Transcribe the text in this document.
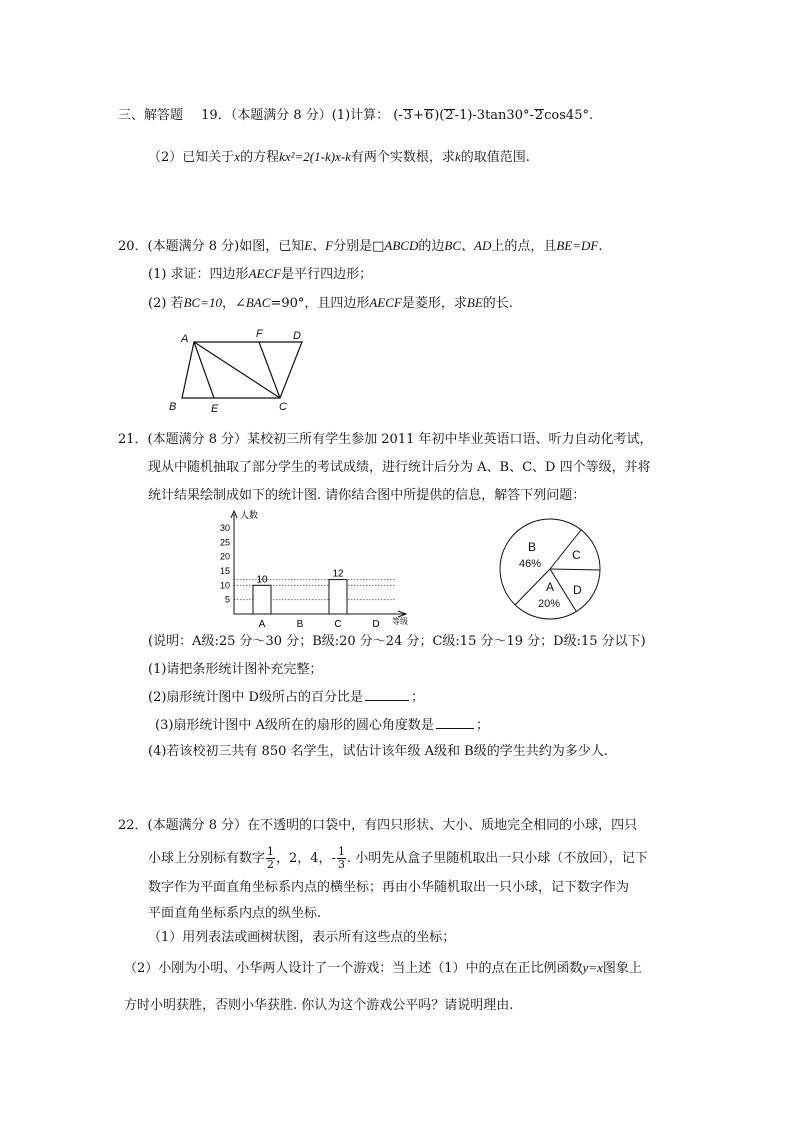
三、解答题 19．（本题满分 8 分）(1)计算： (-3+6)(2-1)-3tan30°-2cos45°.
（2）已知关于x的方程kx²=2(1-k)x-k有两个实数根，求k的取值范围.
20．(本题满分 8 分)如图，已知E、F分别是□ABCD的边BC、AD上的点，且BE=DF.
(1) 求证：四边形AECF是平行四边形；
(2) 若BC=10，∠BAC=90°，且四边形AECF是菱形，求BE的长.
A	F	D
B	E	C
21．(本题满分 8 分）某校初三所有学生参加 2011 年初中毕业英语口语、听力自动化考试，
现从中随机抽取了部分学生的考试成绩，进行统计后分为 A、B、C、D 四个等级，并将
统计结果绘制成如下的统计图. 请你结合图中所提供的信息，解答下列问题：
人数
等级
5
10
15
20
25
30
A
10
B	C
12
D
B
46%
C
D
A
20%
(说明：A级:25 分～30 分；B级:20 分～24 分；C级:15 分～19 分；D级:15 分以下)
(1)请把条形统计图补充完整；
(2)扇形统计图中 D级所占的百分比是	；
(3)扇形统计图中 A级所在的扇形的圆心角度数是	；
(4)若该校初三共有 850 名学生，试估计该年级 A级和 B级的学生共约为多少人.
22．(本题满分 8 分）在不透明的口袋中，有四只形状、大小、质地完全相同的小球，四只
小球上分别标有数字 $\frac{1}{2}$ ，2，4，- $\frac{1}{3}$ . 小明先从盒子里随机取出一只小球（不放回），记下
数字作为平面直角坐标系内点的横坐标；再由小华随机取出一只小球，记下数字作为
平面直角坐标系内点的纵坐标.
（1）用列表法或画树状图，表示所有这些点的坐标；
（2）小刚为小明、小华两人设计了一个游戏：当上述（1）中的点在正比例函数y=x图象上
方时小明获胜，否则小华获胜. 你认为这个游戏公平吗？请说明理由.
